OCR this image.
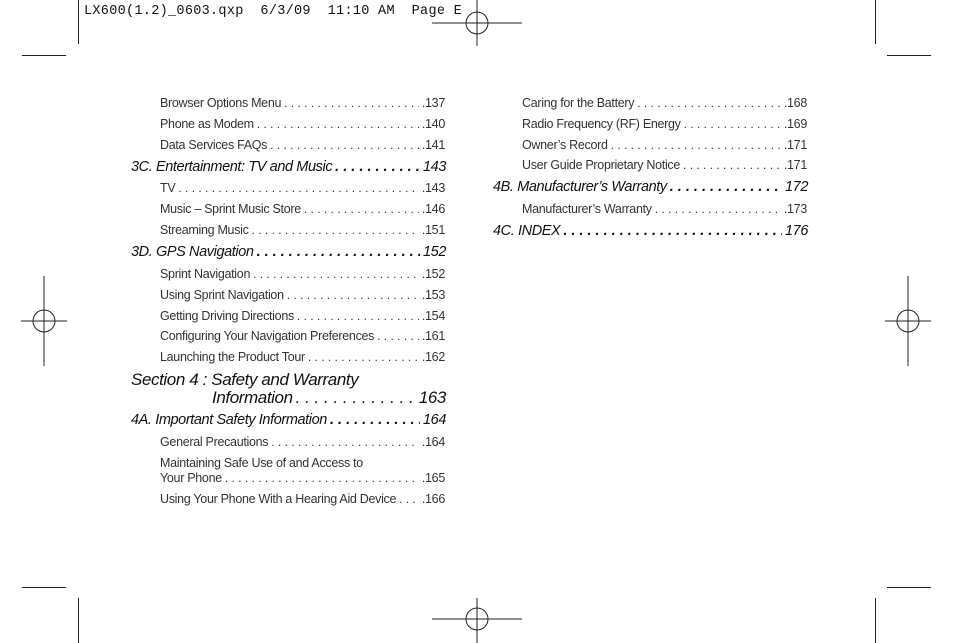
LX600(1.2)_0603.qxp  6/3/09  11:10 AM  Page E
Browser Options Menu . . .	.137
Phone as Modem . . .	.140
Data Services FAQs . . .	.141
3C. Entertainment: TV and Music . . .	143
TV . . .	.143
Music – Sprint Music Store . . .	.146
Streaming Music . . .	.151
3D. GPS Navigation . . .	152
Sprint Navigation . . .	.152
Using Sprint Navigation . . .	.153
Getting Driving Directions . . .	.154
Configuring Your Navigation Preferences . . .	.161
Launching the Product Tour . . .	.162
Section 4 : Safety and Warranty
Information . . .	163
4A. Important Safety Information . . .	164
General Precautions . . .	.164
Maintaining Safe Use of and Access to
Your Phone . . .	.165
Using Your Phone With a Hearing Aid Device . . . .166
Caring for the Battery . . .	.168
Radio Frequency (RF) Energy . . .	.169
Owner’s Record . . .	.171
User Guide Proprietary Notice . . .	.171
4B. Manufacturer’s Warranty . . .	172
Manufacturer’s Warranty . . .	.173
4C. INDEX . . .	176
